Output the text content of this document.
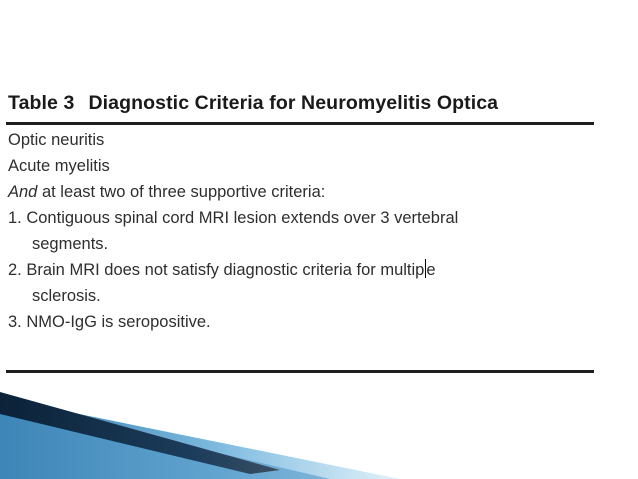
Table 3 Diagnostic Criteria for Neuromyelitis Optica
Optic neuritis
Acute myelitis
And at least two of three supportive criteria:
1. Contiguous spinal cord MRI lesion extends over 3 vertebral
segments.
2. Brain MRI does not satisfy diagnostic criteria for multip e
sclerosis.
3. NMO-IgG is seropositive.
